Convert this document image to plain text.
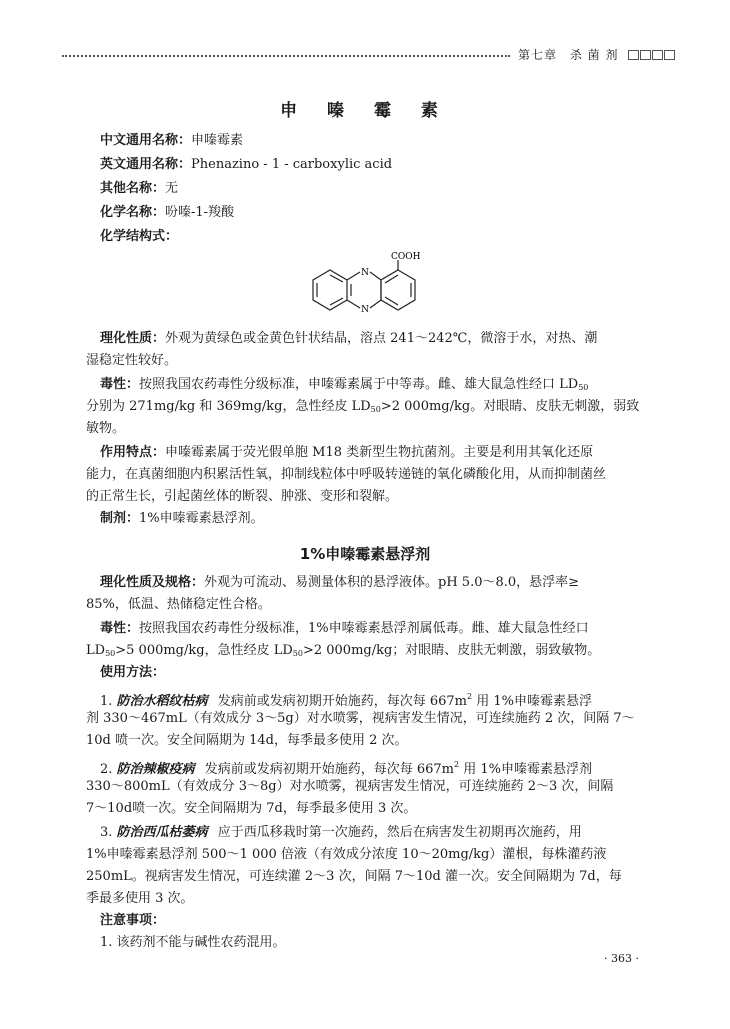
第七章 杀 菌 剂
申 嗪 霉 素
中文通用名称：申嗪霉素
英文通用名称：Phenazino - 1 - carboxylic acid
其他名称：无
化学名称：吩嗪-1-羧酸
化学结构式：
N
N
COOH
理化性质：外观为黄绿色或金黄色针状结晶，溶点 241～242℃，微溶于水，对热、潮
湿稳定性较好。
毒性：按照我国农药毒性分级标准，申嗪霉素属于中等毒。雌、雄大鼠急性经口 $LD_{50}$
分别为 271mg/kg 和 369mg/kg，急性经皮 $LD_{50}>2$ 000mg/kg。对眼睛、皮肤无刺激，弱致
敏物。
作用特点：申嗪霉素属于荧光假单胞 M18 类新型生物抗菌剂。主要是利用其氧化还原
能力，在真菌细胞内积累活性氧，抑制线粒体中呼吸转递链的氧化磷酸化用，从而抑制菌丝
的正常生长，引起菌丝体的断裂、肿涨、变形和裂解。
制剂：1%申嗪霉素悬浮剂。
1%申嗪霉素悬浮剂
理化性质及规格：外观为可流动、易测量体积的悬浮液体。pH 5.0～8.0，悬浮率≥
85%，低温、热储稳定性合格。
毒性：按照我国农药毒性分级标准，1%申嗪霉素悬浮剂属低毒。雌、雄大鼠急性经口
$LD_{50}>5$ 000mg/kg，急性经皮 $LD_{50}>2$ 000mg/kg；对眼睛、皮肤无刺激，弱致敏物。
使用方法：
1. 防治水稻纹枯病 发病前或发病初期开始施药，每次每 $667m^2$ 用 1%申嗪霉素悬浮
剂 330～467mL（有效成分 3～5g）对水喷雾，视病害发生情况，可连续施药 2 次，间隔 7～
10d 喷一次。安全间隔期为 14d，每季最多使用 2 次。
2. 防治辣椒疫病 发病前或发病初期开始施药，每次每 $667m^2$ 用 1%申嗪霉素悬浮剂
330～800mL（有效成分 3～8g）对水喷雾，视病害发生情况，可连续施药 2～3 次，间隔
7～10d喷一次。安全间隔期为 7d，每季最多使用 3 次。
3. 防治西瓜枯萎病 应于西瓜移栽时第一次施药，然后在病害发生初期再次施药，用
1%申嗪霉素悬浮剂 500～1 000 倍液（有效成分浓度 10～20mg/kg）灌根，每株灌药液
250mL。视病害发生情况，可连续灌 2～3 次，间隔 7～10d 灌一次。安全间隔期为 7d，每
季最多使用 3 次。
注意事项：
1. 该药剂不能与碱性农药混用。
· 363 ·
